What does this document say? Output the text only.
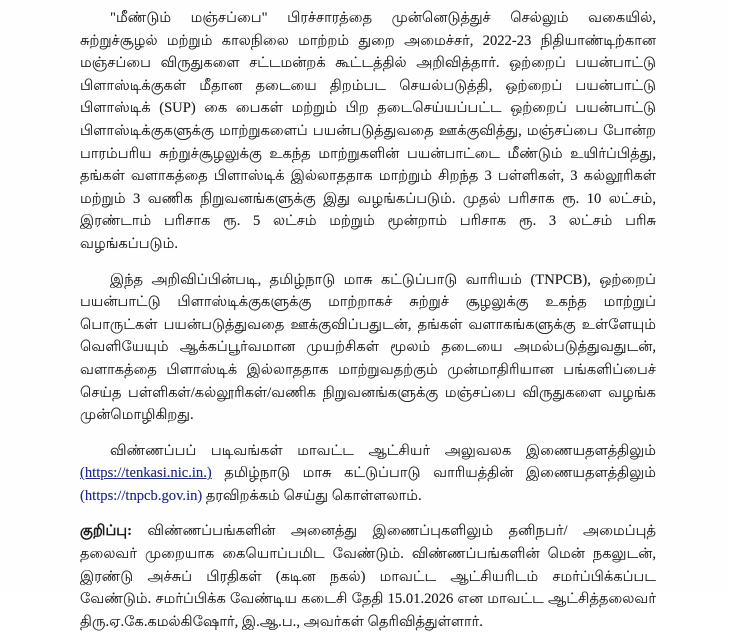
"மீண்டும் மஞ்சப்பை" பிரச்சாரத்தை முன்னெடுத்துச் செல்லும் வகையில், சுற்றுச்சூழல் மற்றும் காலநிலை மாற்றம் துறை அமைச்சர், 2022-23 நிதியாண்டிற்கான மஞ்சப்பை விருதுகளை சட்டமன்றக் கூட்டத்தில் அறிவித்தார். ஒற்றைப் பயன்பாட்டு பிளாஸ்டிக்குகள் மீதான தடையை திறம்பட செயல்படுத்தி, ஒற்றைப் பயன்பாட்டு பிளாஸ்டிக் (SUP) கை பைகள் மற்றும் பிற தடைசெய்யப்பட்ட ஒற்றைப் பயன்பாட்டு பிளாஸ்டிக்குகளுக்கு மாற்றுகளைப் பயன்படுத்துவதை ஊக்குவித்து, மஞ்சப்பை போன்ற பாரம்பரிய சுற்றுச்சூழலுக்கு உகந்த மாற்றுகளின் பயன்பாட்டை மீண்டும் உயிர்ப்பித்து, தங்கள் வளாகத்தை பிளாஸ்டிக் இல்லாததாக மாற்றும் சிறந்த 3 பள்ளிகள், 3 கல்லூரிகள் மற்றும் 3 வணிக நிறுவனங்களுக்கு இது வழங்கப்படும். முதல் பரிசாக ரூ. 10 லட்சம், இரண்டாம் பரிசாக ரூ. 5 லட்சம் மற்றும் மூன்றாம் பரிசாக ரூ. 3 லட்சம் பரிசு வழங்கப்படும்.

இந்த அறிவிப்பின்படி, தமிழ்நாடு மாசு கட்டுப்பாடு வாரியம் (TNPCB), ஒற்றைப் பயன்பாட்டு பிளாஸ்டிக்குகளுக்கு மாற்றாகச் சுற்றுச் சூழலுக்கு உகந்த மாற்றுப் பொருட்கள் பயன்படுத்துவதை ஊக்குவிப்பதுடன், தங்கள் வளாகங்களுக்கு உள்ளேயும் வெளியேயும் ஆக்கப்பூர்வமான முயற்சிகள் மூலம் தடையை அமல்படுத்துவதுடன், வளாகத்தை பிளாஸ்டிக் இல்லாததாக மாற்றுவதற்கும் முன்மாதிரியான பங்களிப்பைச் செய்த பள்ளிகள்/கல்லூரிகள்/வணிக நிறுவனங்களுக்கு மஞ்சப்பை விருதுகளை வழங்க முன்மொழிகிறது.

விண்ணப்பப் படிவங்கள் மாவட்ட ஆட்சியர் அலுவலக இணையதளத்திலும் (https://tenkasi.nic.in.) தமிழ்நாடு மாசு கட்டுப்பாடு வாரியத்தின் இணையதளத்திலும் (https://tnpcb.gov.in) தரவிறக்கம் செய்து கொள்ளலாம்.

குறிப்பு: விண்ணப்பங்களின் அனைத்து இணைப்புகளிலும் தனிநபர்/ அமைப்புத் தலைவர் முறையாக கையொப்பமிட வேண்டும். விண்ணப்பங்களின் மென் நகலுடன், இரண்டு அச்சுப் பிரதிகள் (கடின நகல்) மாவட்ட ஆட்சியரிடம் சமர்ப்பிக்கப்பட வேண்டும். சமர்ப்பிக்க வேண்டிய கடைசி தேதி 15.01.2026 என மாவட்ட ஆட்சித்தலைவர் திரு.ஏ.கே.கமல்கிஷோர், இ.ஆ.ப., அவர்கள் தெரிவித்துள்ளார்.
